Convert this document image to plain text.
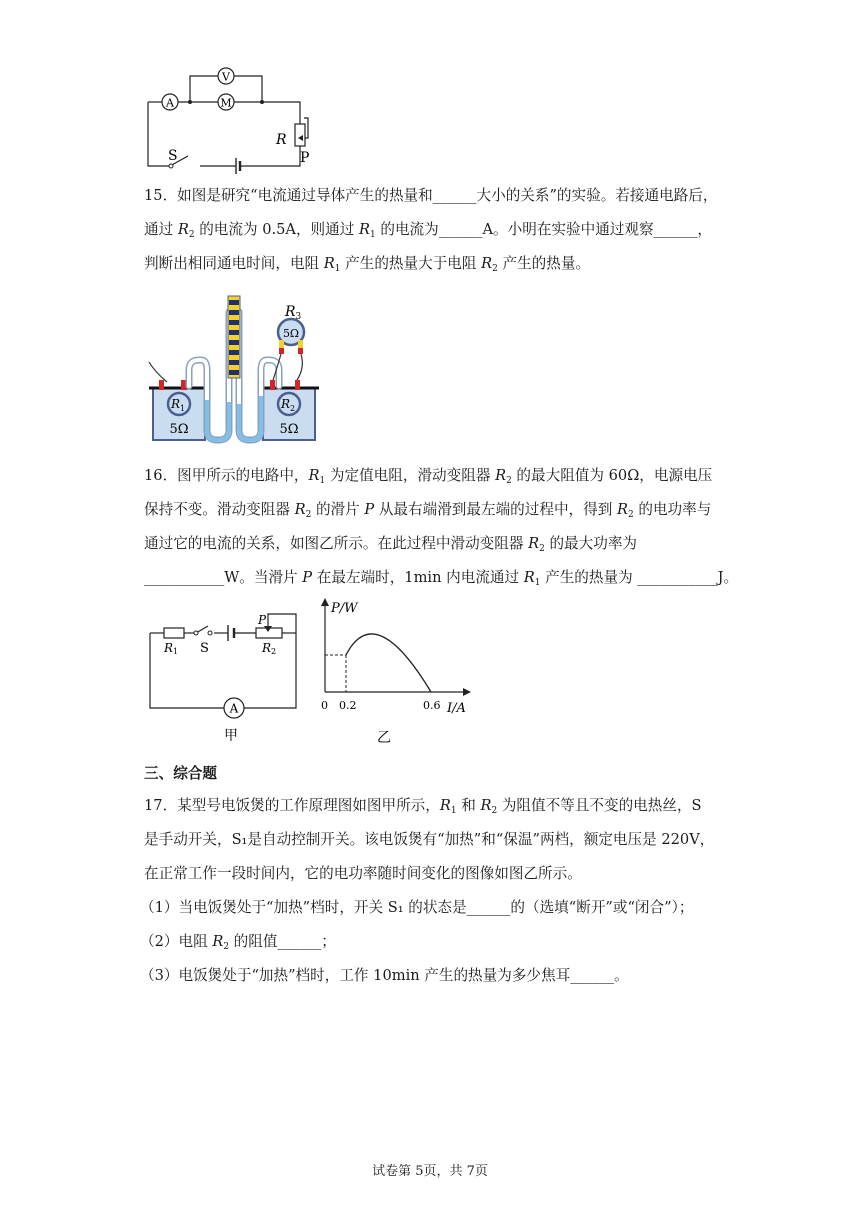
A	M
V
R
P
S
15．如图是研究“电流通过导体产生的热量和______大小的关系”的实验。若接通电路后，
通过 $R_2$ 的电流为 0.5A，则通过 $R_1$ 的电流为______A。小明在实验中通过观察______，
判断出相同通电时间，电阻 $R_1$ 产生的热量大于电阻 $R_2$ 产生的热量。
$R_3$
5Ω
$R_1$	$R_2$
5Ω	5Ω
16．图甲所示的电路中，$R_1$ 为定值电阻，滑动变阻器 $R_2$ 的最大阻值为 60Ω，电源电压
保持不变。滑动变阻器 $R_2$ 的滑片 P 从最右端滑到最左端的过程中，得到 $R_2$ 的电功率与
通过它的电流的关系，如图乙所示。在此过程中滑动变阻器 $R_2$ 的最大功率为
___________W。当滑片 P 在最左端时，1min 内电流通过 $R_1$ 产生的热量为 ___________J。
A
R1 S
P
R2
甲
P/W
I/A
0 0.2	0.6
乙
三、综合题
17．某型号电饭煲的工作原理图如图甲所示，$R_1$ 和 $R_2$ 为阻值不等且不变的电热丝，S
是手动开关，S₁是自动控制开关。该电饭煲有“加热”和“保温”两档，额定电压是 220V，
在正常工作一段时间内，它的电功率随时间变化的图像如图乙所示。
（1）当电饭煲处于“加热”档时，开关 S₁ 的状态是______的（选填“断开”或“闭合”）；
（2）电阻 $R_2$ 的阻值______；
（3）电饭煲处于“加热”档时，工作 10min 产生的热量为多少焦耳______。
试卷第 5页，共 7页
